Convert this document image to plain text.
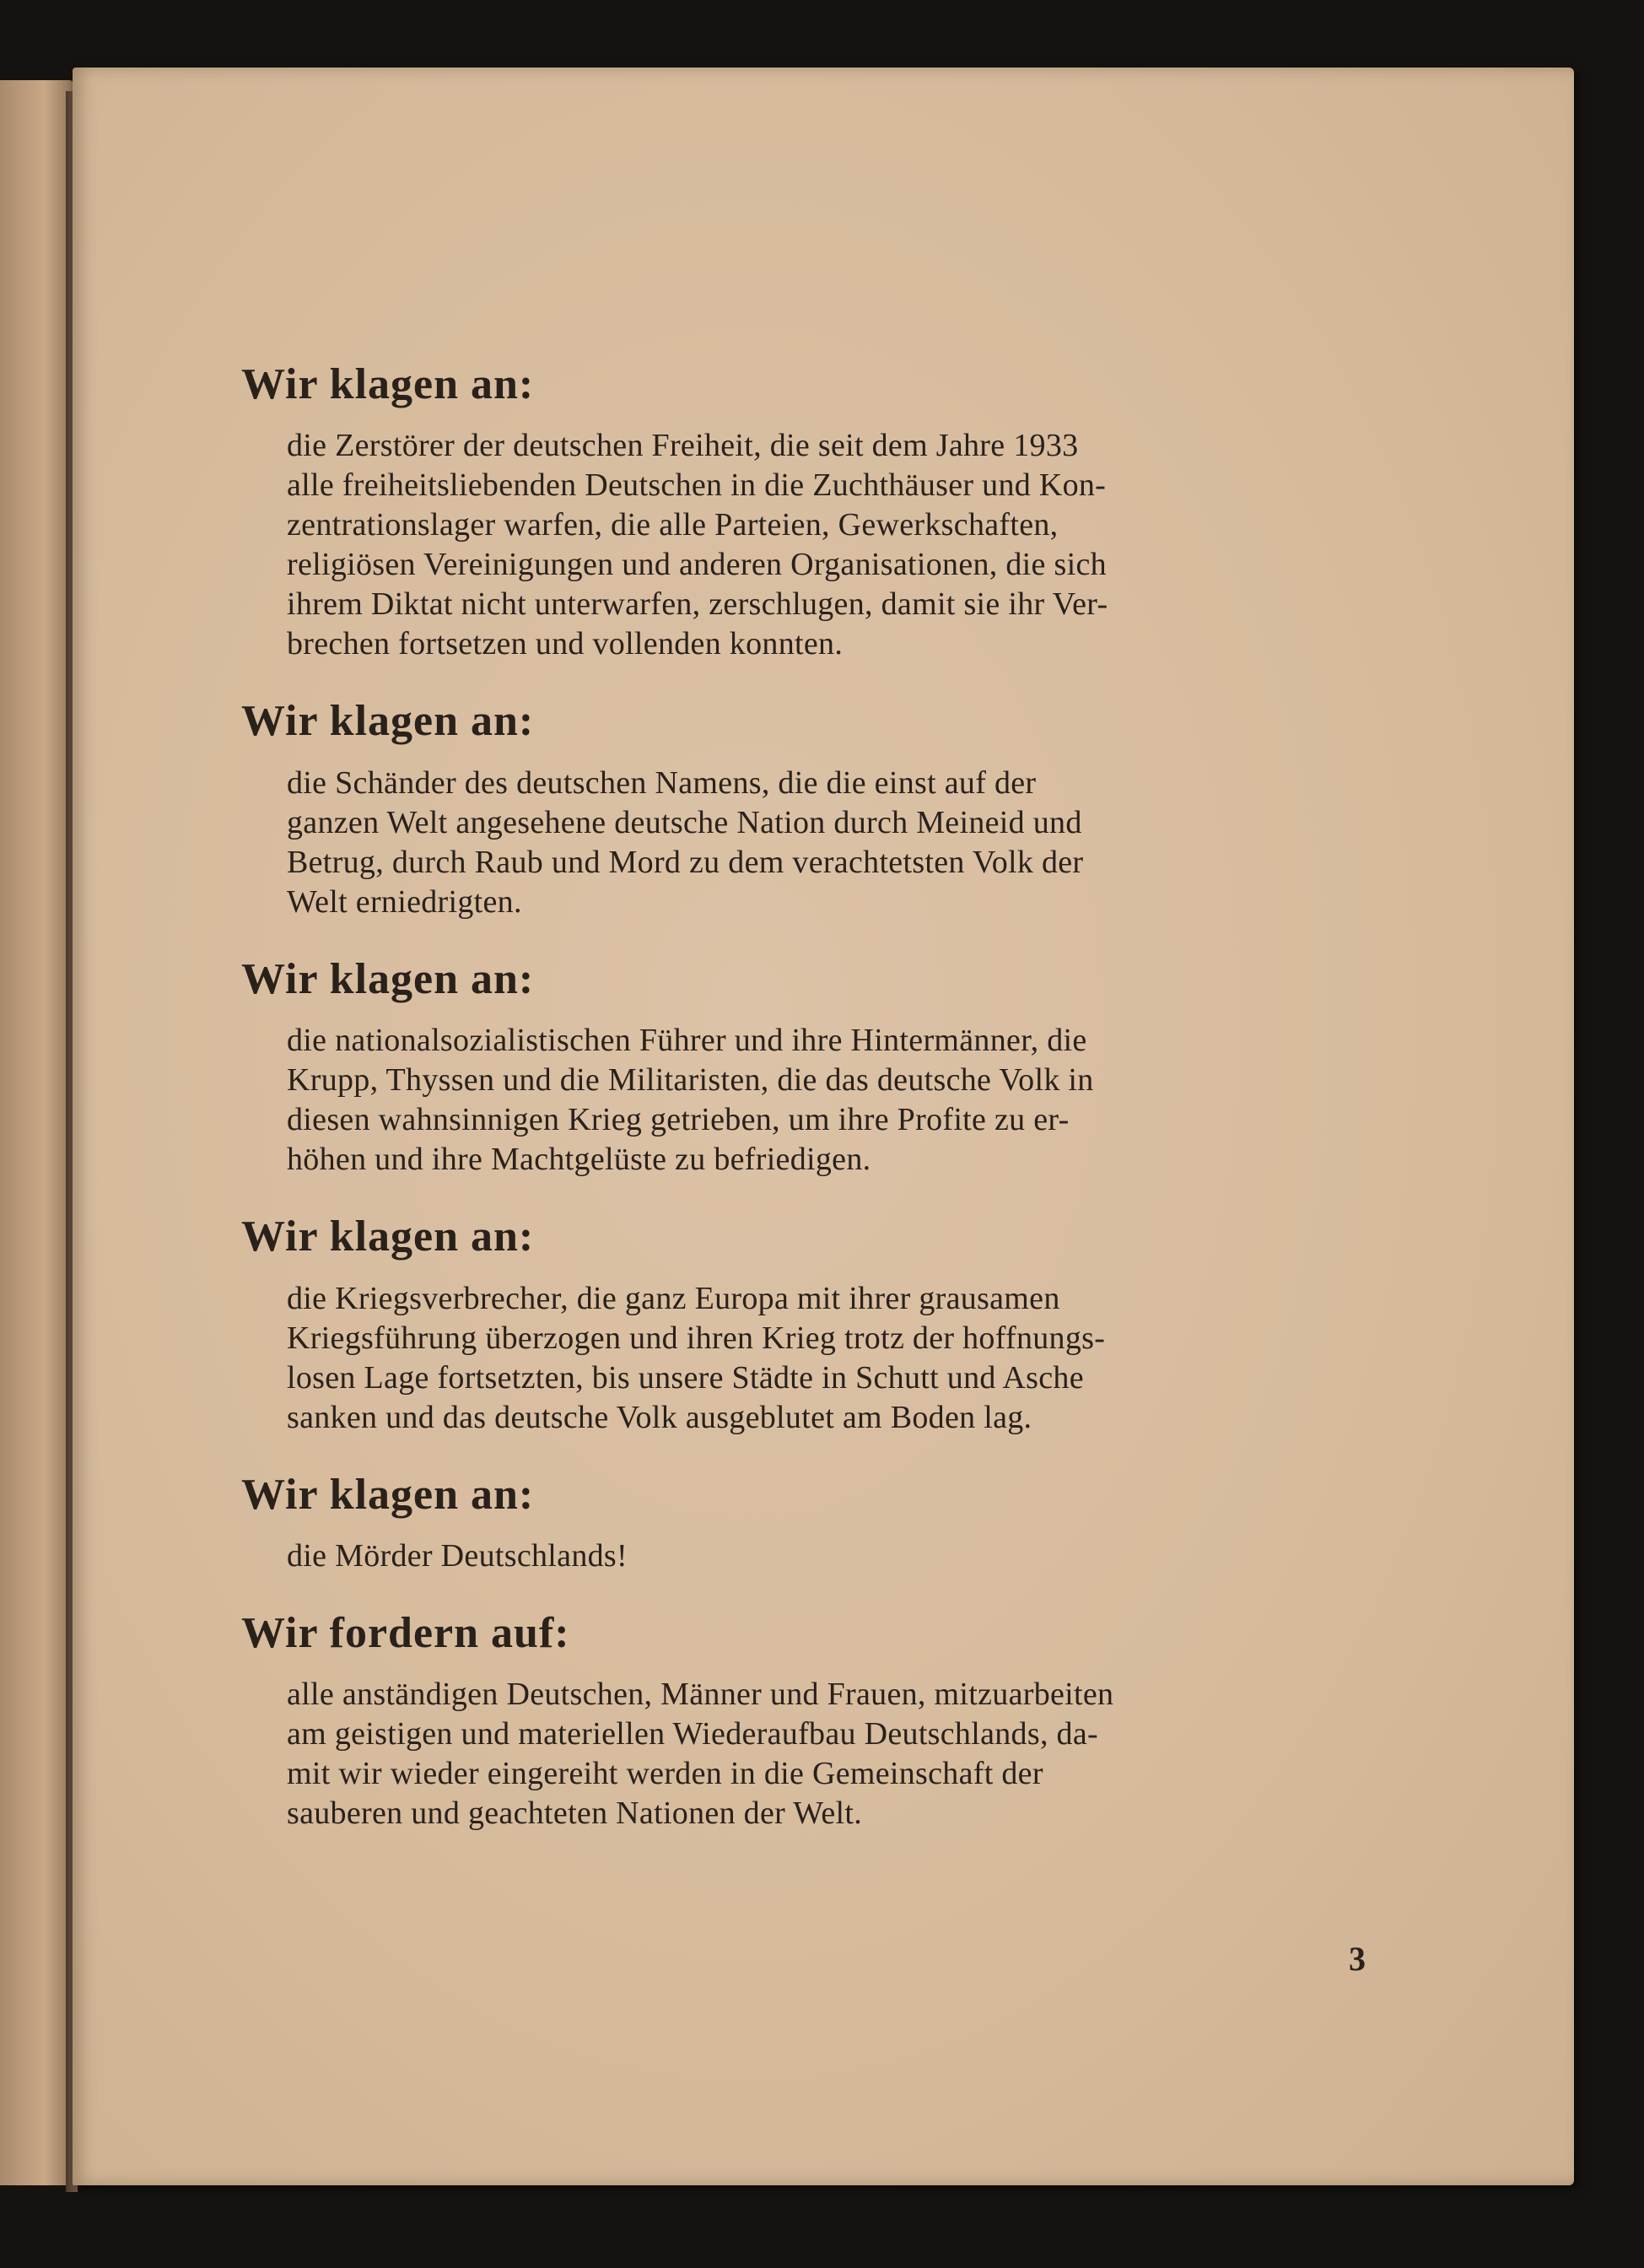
Wir klagen an:

die Zerstörer der deutschen Freiheit, die seit dem Jahre 1933
alle freiheitsliebenden Deutschen in die Zuchthäuser und Kon-
zentrationslager warfen, die alle Parteien, Gewerkschaften,
religiösen Vereinigungen und anderen Organisationen, die sich
ihrem Diktat nicht unterwarfen, zerschlugen, damit sie ihr Ver-
brechen fortsetzen und vollenden konnten.

Wir klagen an:

die Schänder des deutschen Namens, die die einst auf der
ganzen Welt angesehene deutsche Nation durch Meineid und
Betrug, durch Raub und Mord zu dem verachtetsten Volk der
Welt erniedrigten.

Wir klagen an:

die nationalsozialistischen Führer und ihre Hintermänner, die
Krupp, Thyssen und die Militaristen, die das deutsche Volk in
diesen wahnsinnigen Krieg getrieben, um ihre Profite zu er-
höhen und ihre Machtgelüste zu befriedigen.

Wir klagen an:

die Kriegsverbrecher, die ganz Europa mit ihrer grausamen
Kriegsführung überzogen und ihren Krieg trotz der hoffnungs-
losen Lage fortsetzten, bis unsere Städte in Schutt und Asche
sanken und das deutsche Volk ausgeblutet am Boden lag.

Wir klagen an:

die Mörder Deutschlands!

Wir fordern auf:

alle anständigen Deutschen, Männer und Frauen, mitzuarbeiten
am geistigen und materiellen Wiederaufbau Deutschlands, da-
mit wir wieder eingereiht werden in die Gemeinschaft der
sauberen und geachteten Nationen der Welt.

3
